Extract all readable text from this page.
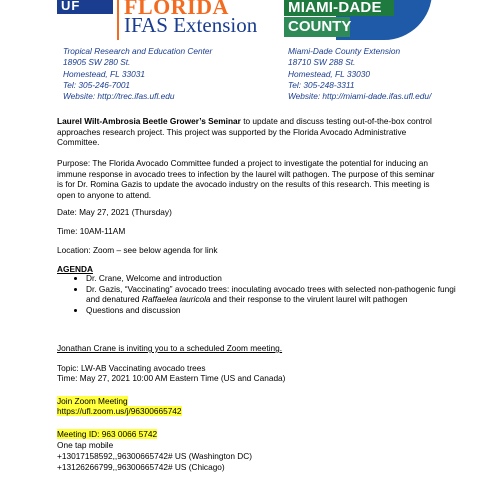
UF FLORIDA
IFAS Extension
MIAMI-DADE
COUNTY
Tropical Research and Education Center
18905 SW 280 St.
Homestead, FL 33031
Tel: 305-246-7001
Website: http://trec.ifas.ufl.edu
Miami-Dade County Extension
18710 SW 288 St.
Homestead, FL 33030
Tel: 305-248-3311
Website: http://miami-dade.ifas.ufl.edu/
Laurel Wilt-Ambrosia Beetle Grower’s Seminar to update and discuss testing out-of-the-box control approaches research project. This project was supported by the Florida Avocado Administrative Committee.
Purpose: The Florida Avocado Committee funded a project to investigate the potential for inducing an immune response in avocado trees to infection by the laurel wilt pathogen. The purpose of this seminar is for Dr. Romina Gazis to update the avocado industry on the results of this research. This meeting is open to anyone to attend.
Date: May 27, 2021 (Thursday)
Time: 10AM-11AM
Location: Zoom – see below agenda for link
AGENDA
• Dr. Crane, Welcome and introduction
• Dr. Gazis, “Vaccinating” avocado trees: inoculating avocado trees with selected non-pathogenic fungi and denatured Raffaelea lauricola and their response to the virulent laurel wilt pathogen
• Questions and discussion
Jonathan Crane is inviting you to a scheduled Zoom meeting.
Topic: LW-AB Vaccinating avocado trees
Time: May 27, 2021 10:00 AM Eastern Time (US and Canada)
Join Zoom Meeting
https://ufl.zoom.us/j/96300665742
Meeting ID: 963 0066 5742
One tap mobile
+13017158592,,96300665742# US (Washington DC)
+13126266799,,96300665742# US (Chicago)
